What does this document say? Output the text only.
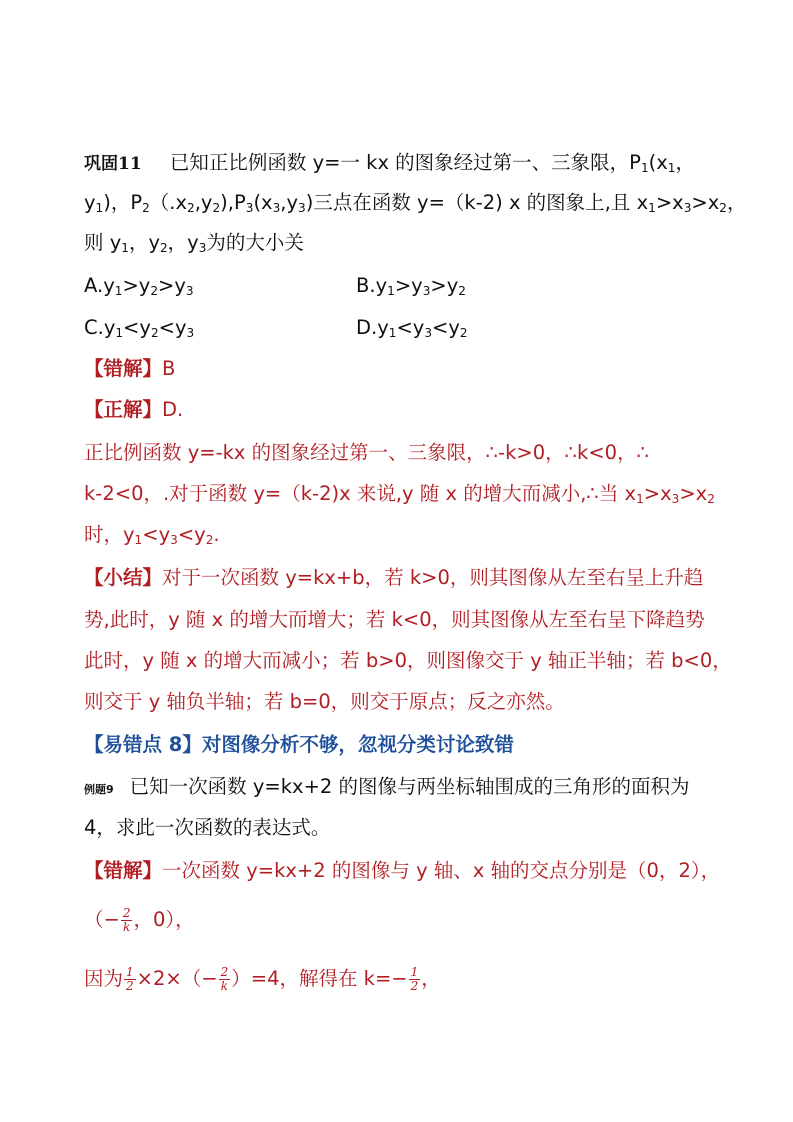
巩固11 已知正比例函数 y=一 kx 的图象经过第一、三象限，$P_1(x_1$，
$y_1$)，$P_2(.x_2,y_2),P_3(x_3,y_3)$三点在函数 y=（k-2) x 的图象上,且 $x_1>x_3>x_2$，
则 $y_1$，$y_2$，$y_3$为的大小关
$A.y_1>y_2>y_3$	$B.y_1>y_3>y_2$
$C.y_1<y_2<y_3$	$D.y_1<y_3<y_2$
【错解】B
【正解】D.
正比例函数 y=-kx 的图象经过第一、三象限，∴-k>0，∴k<0，∴
k-2<0，.对于函数 y=（k-2)x 来说,y 随 x 的增大而减小,∴当 $x_1>x_3>x_2$
时，$y_1<y_3<y_2$.
【小结】对于一次函数 y=kx+b，若 k>0，则其图像从左至右呈上升趋
势,此时，y 随 x 的增大而增大；若 k<0，则其图像从左至右呈下降趋势
此时，y 随 x 的增大而减小；若 b>0，则图像交于 y 轴正半轴；若 b<0，
则交于 y 轴负半轴；若 b=0，则交于原点；反之亦然。
【易错点 8】对图像分析不够，忽视分类讨论致错
例题9 已知一次函数 y=kx+2 的图像与两坐标轴围成的三角形的面积为
4，求此一次函数的表达式。
【错解】一次函数 y=kx+2 的图像与 y 轴、x 轴的交点分别是（0，2），
（− $\frac{2}{k}$ ，0），
因为 $\frac{1}{2} \times 2\times(- \frac{2}{k} )=4$，解得在 $k=- \frac{1}{2}$ ，
